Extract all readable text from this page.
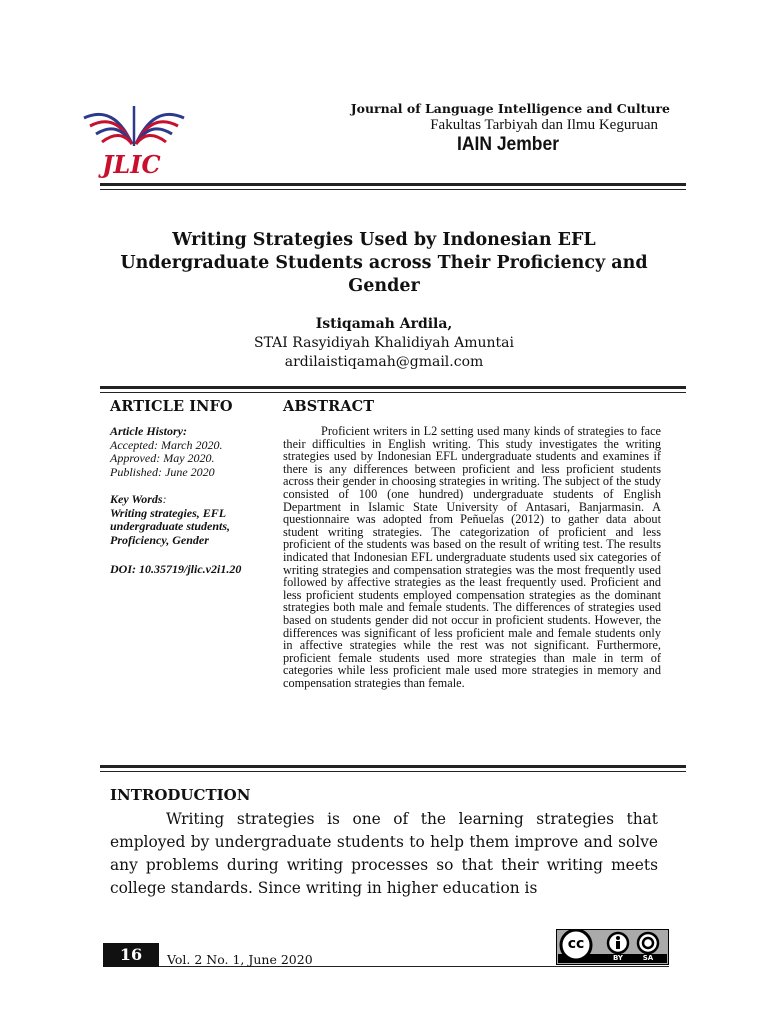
JLIC
Journal of Language Intelligence and Culture
Fakultas Tarbiyah dan Ilmu Keguruan
IAIN Jember
Writing Strategies Used by Indonesian EFL
Undergraduate Students across Their Proficiency and
Gender
Istiqamah Ardila,
STAI Rasyidiyah Khalidiyah Amuntai
ardilaistiqamah@gmail.com
ARTICLE INFO
Article History:
Accepted: March 2020.
Approved: May 2020.
Published: June 2020
Key Words:
Writing strategies, EFL
undergraduate students,
Proficiency, Gender
DOI: 10.35719/jlic.v2i1.20
ABSTRACT
Proficient writers in L2 setting used many kinds of strategies to face their difficulties in English writing. This study investigates the writing strategies used by Indonesian EFL undergraduate students and examines if there is any differences between proficient and less proficient students across their gender in choosing strategies in writing. The subject of the study consisted of 100 (one hundred) undergraduate students of English Department in Islamic State University of Antasari, Banjarmasin. A questionnaire was adopted from Peñuelas (2012) to gather data about student writing strategies. The categorization of proficient and less proficient of the students was based on the result of writing test. The results indicated that Indonesian EFL undergraduate students used six categories of writing strategies and compensation strategies was the most frequently used followed by affective strategies as the least frequently used. Proficient and less proficient students employed compensation strategies as the dominant strategies both male and female students. The differences of strategies used based on students gender did not occur in proficient students. However, the differences was significant of less proficient male and female students only in affective strategies while the rest was not significant. Furthermore, proficient female students used more strategies than male in term of categories while less proficient male used more strategies in memory and compensation strategies than female.
INTRODUCTION
Writing strategies is one of the learning strategies that employed by undergraduate students to help them improve and solve any problems during writing processes so that their writing meets college standards. Since writing in higher education is
16	Vol. 2 No. 1, June 2020
cc
BY	SA
